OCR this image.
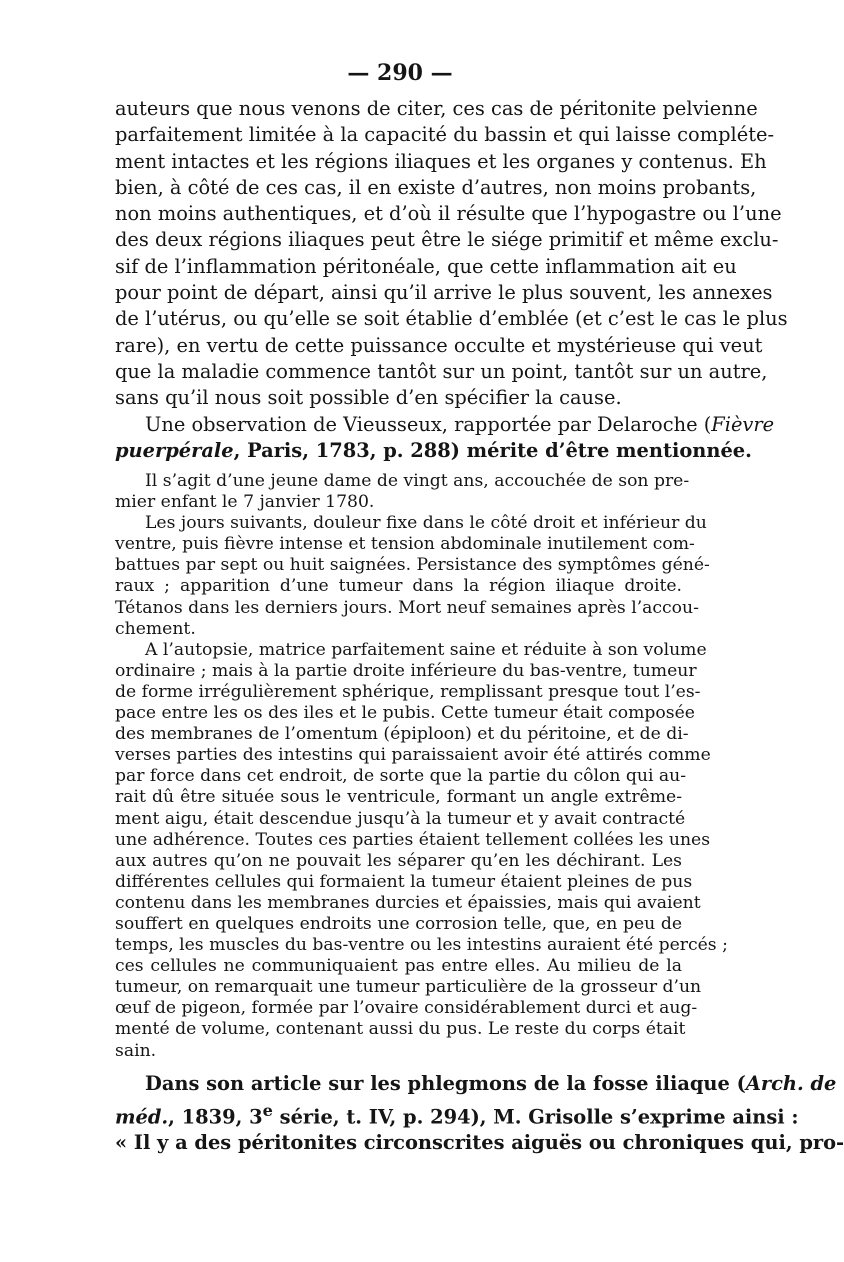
— 290 —
auteurs que nous venons de citer, ces cas de péritonite pelvienne
parfaitement limitée à la capacité du bassin et qui laisse compléte-
ment intactes et les régions iliaques et les organes y contenus. Eh
bien, à côté de ces cas, il en existe d’autres, non moins probants,
non moins authentiques, et d’où il résulte que l’hypogastre ou l’une
des deux régions iliaques peut être le siége primitif et même exclu-
sif de l’inflammation péritonéale, que cette inflammation ait eu
pour point de départ, ainsi qu’il arrive le plus souvent, les annexes
de l’utérus, ou qu’elle se soit établie d’emblée (et c’est le cas le plus
rare), en vertu de cette puissance occulte et mystérieuse qui veut
que la maladie commence tantôt sur un point, tantôt sur un autre,
sans qu’il nous soit possible d’en spécifier la cause.
Une observation de Vieusseux, rapportée par Delaroche (Fièvre
puerpérale, Paris, 1783, p. 288) mérite d’être mentionnée.
Il s’agit d’une jeune dame de vingt ans, accouchée de son pre-
mier enfant le 7 janvier 1780.
Les jours suivants, douleur fixe dans le côté droit et inférieur du
ventre, puis fièvre intense et tension abdominale inutilement com-
battues par sept ou huit saignées. Persistance des symptômes géné-
raux ; apparition d’une tumeur dans la région iliaque droite.
Tétanos dans les derniers jours. Mort neuf semaines après l’accou-
chement.
A l’autopsie, matrice parfaitement saine et réduite à son volume
ordinaire ; mais à la partie droite inférieure du bas-ventre, tumeur
de forme irrégulièrement sphérique, remplissant presque tout l’es-
pace entre les os des iles et le pubis. Cette tumeur était composée
des membranes de l’omentum (épiploon) et du péritoine, et de di-
verses parties des intestins qui paraissaient avoir été attirés comme
par force dans cet endroit, de sorte que la partie du côlon qui au-
rait dû être située sous le ventricule, formant un angle extrême-
ment aigu, était descendue jusqu’à la tumeur et y avait contracté
une adhérence. Toutes ces parties étaient tellement collées les unes
aux autres qu’on ne pouvait les séparer qu’en les déchirant. Les
différentes cellules qui formaient la tumeur étaient pleines de pus
contenu dans les membranes durcies et épaissies, mais qui avaient
souffert en quelques endroits une corrosion telle, que, en peu de
temps, les muscles du bas-ventre ou les intestins auraient été percés ;
ces cellules ne communiquaient pas entre elles. Au milieu de la
tumeur, on remarquait une tumeur particulière de la grosseur d’un
œuf de pigeon, formée par l’ovaire considérablement durci et aug-
menté de volume, contenant aussi du pus. Le reste du corps était
sain.
Dans son article sur les phlegmons de la fosse iliaque (Arch. de
méd., 1839, 3e série, t. IV, p. 294), M. Grisolle s’exprime ainsi :
« Il y a des péritonites circonscrites aiguës ou chroniques qui, pro-
